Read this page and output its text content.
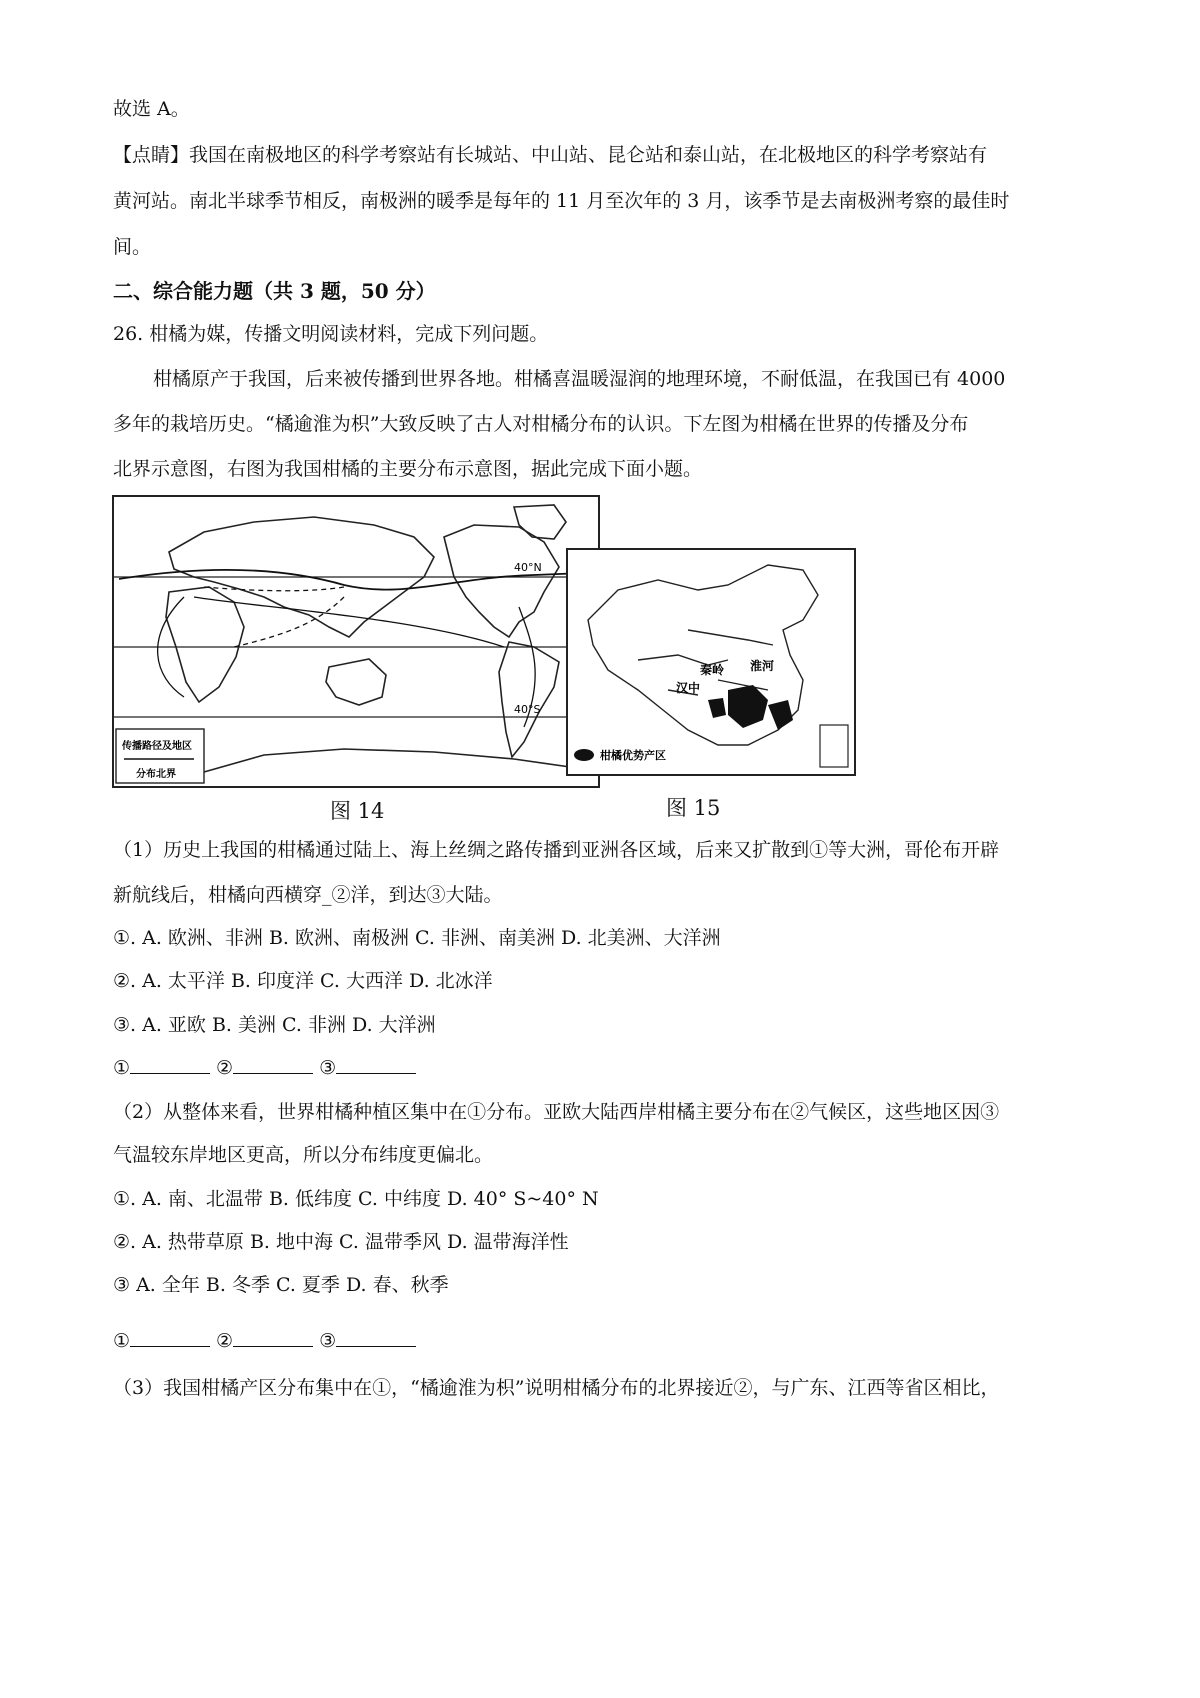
故选 A。
【点睛】我国在南极地区的科学考察站有长城站、中山站、昆仑站和泰山站，在北极地区的科学考察站有
黄河站。南北半球季节相反，南极洲的暖季是每年的 11 月至次年的 3 月，该季节是去南极洲考察的最佳时
间。
二、综合能力题（共 3 题，50 分）
26. 柑橘为媒，传播文明阅读材料，完成下列问题。
柑橘原产于我国，后来被传播到世界各地。柑橘喜温暖湿润的地理环境，不耐低温，在我国已有 4000
多年的栽培历史。“橘逾淮为枳”大致反映了古人对柑橘分布的认识。下左图为柑橘在世界的传播及分布
北界示意图，右图为我国柑橘的主要分布示意图，据此完成下面小题。
40°N
40°S
传播路径及地区
分布北界
秦岭 淮河
汉中
柑橘优势产区
图 14	图 15
（1）历史上我国的柑橘通过陆上、海上丝绸之路传播到亚洲各区域，后来又扩散到①等大洲，哥伦布开辟
新航线后，柑橘向西横穿_②洋，到达③大陆。
①. A. 欧洲、非洲 B. 欧洲、南极洲 C. 非洲、南美洲 D. 北美洲、大洋洲
②. A. 太平洋 B. 印度洋 C. 大西洋 D. 北冰洋
③. A. 亚欧 B. 美洲 C. 非洲 D. 大洋洲
①	②	③
（2）从整体来看，世界柑橘种植区集中在①分布。亚欧大陆西岸柑橘主要分布在②气候区，这些地区因③
气温较东岸地区更高，所以分布纬度更偏北。
①. A. 南、北温带 B. 低纬度 C. 中纬度 D. 40° S~40° N
②. A. 热带草原 B. 地中海 C. 温带季风 D. 温带海洋性
③ A. 全年 B. 冬季 C. 夏季 D. 春、秋季
①	②	③
（3）我国柑橘产区分布集中在①，“橘逾淮为枳”说明柑橘分布的北界接近②，与广东、江西等省区相比，
